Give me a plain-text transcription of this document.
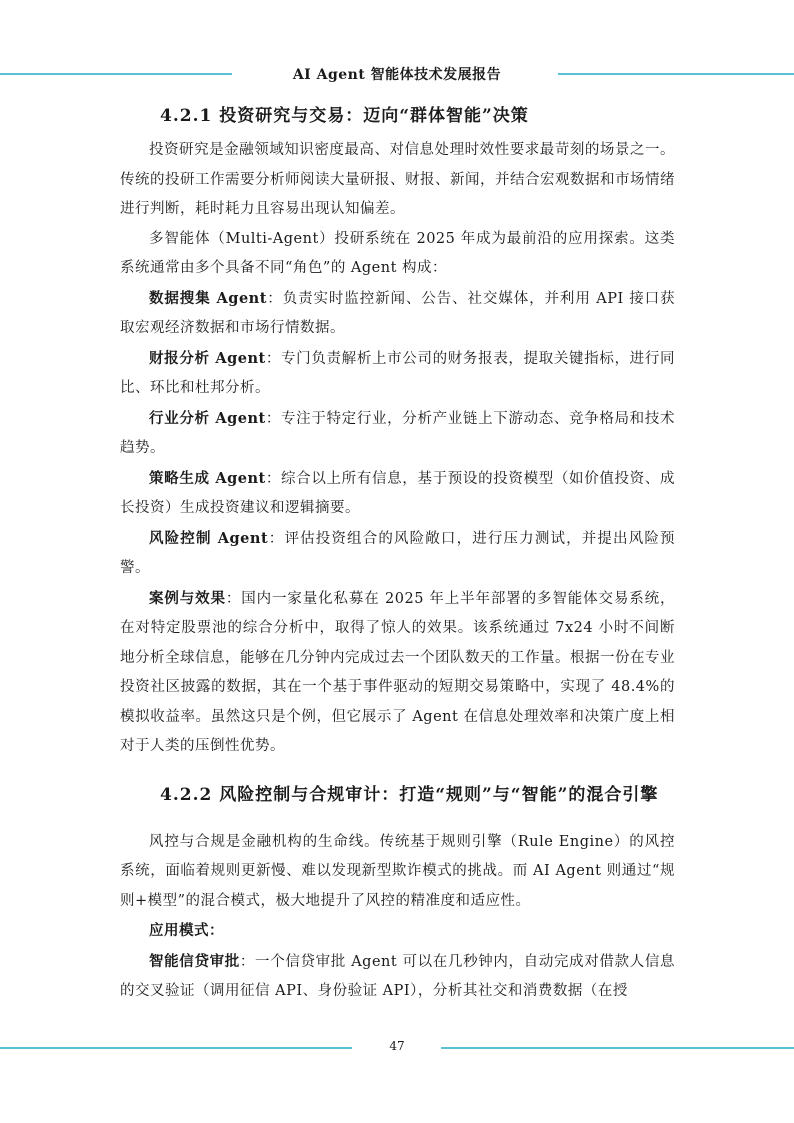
AI Agent 智能体技术发展报告
4.2.1 投资研究与交易：迈向“群体智能”决策

投资研究是金融领域知识密度最高、对信息处理时效性要求最苛刻的场景之一。传统的投研工作需要分析师阅读大量研报、财报、新闻，并结合宏观数据和市场情绪进行判断，耗时耗力且容易出现认知偏差。

多智能体（Multi-Agent）投研系统在 2025 年成为最前沿的应用探索。这类系统通常由多个具备不同“角色”的 Agent 构成：

数据搜集 Agent：负责实时监控新闻、公告、社交媒体，并利用 API 接口获取宏观经济数据和市场行情数据。

财报分析 Agent：专门负责解析上市公司的财务报表，提取关键指标，进行同比、环比和杜邦分析。

行业分析 Agent：专注于特定行业，分析产业链上下游动态、竞争格局和技术趋势。

策略生成 Agent：综合以上所有信息，基于预设的投资模型（如价值投资、成长投资）生成投资建议和逻辑摘要。

风险控制 Agent：评估投资组合的风险敞口，进行压力测试，并提出风险预警。

案例与效果：国内一家量化私募在 2025 年上半年部署的多智能体交易系统，在对特定股票池的综合分析中，取得了惊人的效果。该系统通过 7x24 小时不间断地分析全球信息，能够在几分钟内完成过去一个团队数天的工作量。根据一份在专业投资社区披露的数据，其在一个基于事件驱动的短期交易策略中，实现了 48.4%的模拟收益率。虽然这只是个例，但它展示了 Agent 在信息处理效率和决策广度上相对于人类的压倒性优势。

4.2.2 风险控制与合规审计：打造“规则”与“智能”的混合引擎

风控与合规是金融机构的生命线。传统基于规则引擎（Rule Engine）的风控系统，面临着规则更新慢、难以发现新型欺诈模式的挑战。而 AI Agent 则通过“规则+模型”的混合模式，极大地提升了风控的精准度和适应性。

应用模式：

智能信贷审批：一个信贷审批 Agent 可以在几秒钟内，自动完成对借款人信息的交叉验证（调用征信 API、身份验证 API），分析其社交和消费数据（在授

47
